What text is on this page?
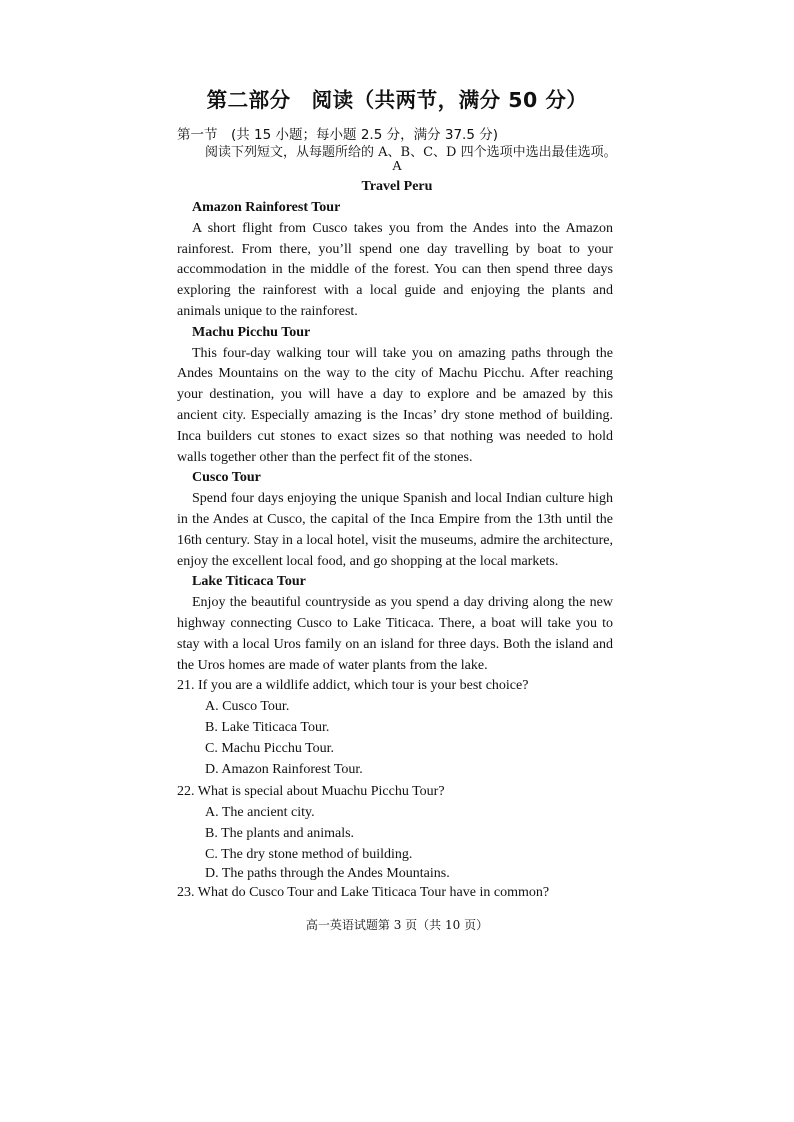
第二部分　阅读（共两节，满分 50 分）
第一节　(共 15 小题；每小题 2.5 分，满分 37.5 分)
阅读下列短文，从每题所给的 A、B、C、D 四个选项中选出最佳选项。
A
Travel Peru

Amazon Rainforest Tour

A short flight from Cusco takes you from the Andes into the Amazon rainforest. From there, you’ll spend one day travelling by boat to your accommodation in the middle of the forest. You can then spend three days exploring the rainforest with a local guide and enjoying the plants and animals unique to the rainforest.

Machu Picchu Tour

This four-day walking tour will take you on amazing paths through the Andes Mountains on the way to the city of Machu Picchu. After reaching your destination, you will have a day to explore and be amazed by this ancient city. Especially amazing is the Incas’ dry stone method of building. Inca builders cut stones to exact sizes so that nothing was needed to hold walls together other than the perfect fit of the stones.

Cusco Tour

Spend four days enjoying the unique Spanish and local Indian culture high in the Andes at Cusco, the capital of the Inca Empire from the 13th until the 16th century. Stay in a local hotel, visit the museums, admire the architecture, enjoy the excellent local food, and go shopping at the local markets.

Lake Titicaca Tour

Enjoy the beautiful countryside as you spend a day driving along the new highway connecting Cusco to Lake Titicaca. There, a boat will take you to stay with a local Uros family on an island for three days. Both the island and the Uros homes are made of water plants from the lake.

21. If you are a wildlife addict, which tour is your best choice?
A. Cusco Tour.
B. Lake Titicaca Tour.
C. Machu Picchu Tour.
D. Amazon Rainforest Tour.
22. What is special about Muachu Picchu Tour?
A. The ancient city.
B. The plants and animals.
C. The dry stone method of building.
D. The paths through the Andes Mountains.
23. What do Cusco Tour and Lake Titicaca Tour have in common?
高一英语试题第 3 页（共 10 页）
